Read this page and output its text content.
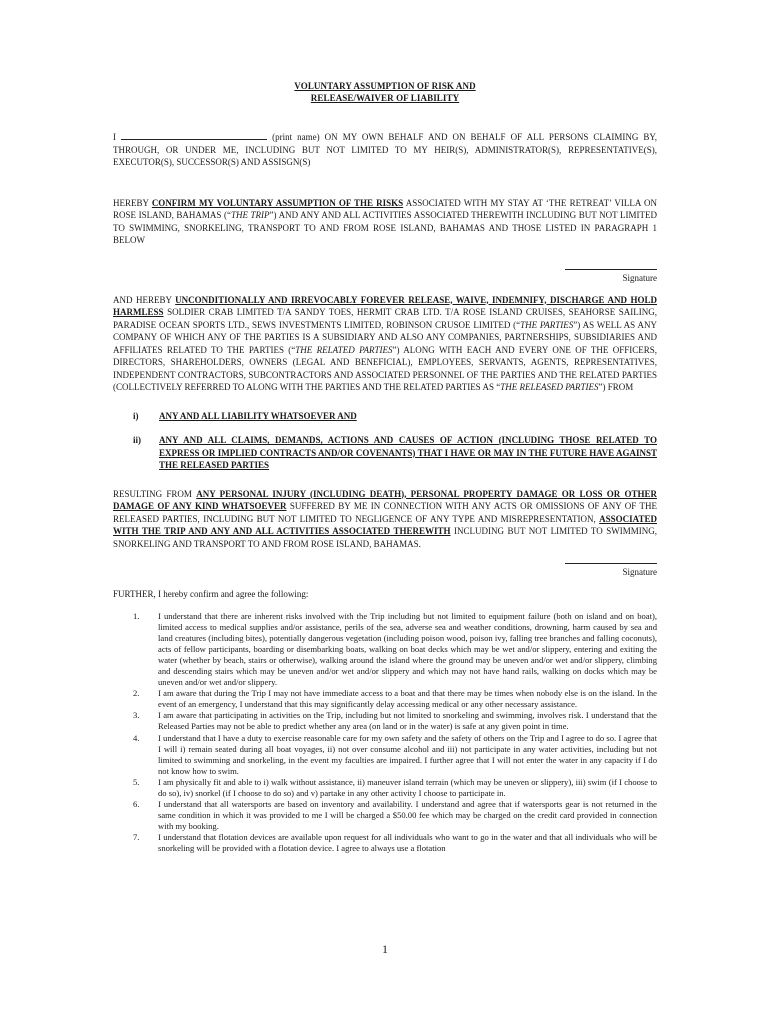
VOLUNTARY ASSUMPTION OF RISK AND
RELEASE/WAIVER OF LIABILITY

I	(print name) ON MY OWN BEHALF AND ON BEHALF OF ALL PERSONS CLAIMING BY, THROUGH, OR UNDER ME, INCLUDING BUT NOT LIMITED TO MY HEIR(S), ADMINISTRATOR(S), REPRESENTATIVE(S), EXECUTOR(S), SUCCESSOR(S) AND ASSISGN(S)

HEREBY CONFIRM MY VOLUNTARY ASSUMPTION OF THE RISKS ASSOCIATED WITH MY STAY AT ‘THE RETREAT’ VILLA ON ROSE ISLAND, BAHAMAS (“THE TRIP”) AND ANY AND ALL ACTIVITIES ASSOCIATED THEREWITH INCLUDING BUT NOT LIMITED TO SWIMMING, SNORKELING, TRANSPORT TO AND FROM ROSE ISLAND, BAHAMAS AND THOSE LISTED IN PARAGRAPH 1 BELOW

Signature

AND HEREBY UNCONDITIONALLY AND IRREVOCABLY FOREVER RELEASE, WAIVE, INDEMNIFY, DISCHARGE AND HOLD HARMLESS SOLDIER CRAB LIMITED T/A SANDY TOES, HERMIT CRAB LTD. T/A ROSE ISLAND CRUISES, SEAHORSE SAILING, PARADISE OCEAN SPORTS LTD., SEWS INVESTMENTS LIMITED, ROBINSON CRUSOE LIMITED (“THE PARTIES”) AS WELL AS ANY COMPANY OF WHICH ANY OF THE PARTIES IS A SUBSIDIARY AND ALSO ANY COMPANIES, PARTNERSHIPS, SUBSIDIARIES AND AFFILIATES RELATED TO THE PARTIES (“THE RELATED PARTIES”) ALONG WITH EACH AND EVERY ONE OF THE OFFICERS, DIRECTORS, SHAREHOLDERS, OWNERS (LEGAL AND BENEFICIAL), EMPLOYEES, SERVANTS, AGENTS, REPRESENTATIVES, INDEPENDENT CONTRACTORS, SUBCONTRACTORS AND ASSOCIATED PERSONNEL OF THE PARTIES AND THE RELATED PARTIES (COLLECTIVELY REFERRED TO ALONG WITH THE PARTIES AND THE RELATED PARTIES AS “THE RELEASED PARTIES”) FROM

i)	ANY AND ALL LIABILITY WHATSOEVER AND
ii)	ANY AND ALL CLAIMS, DEMANDS, ACTIONS AND CAUSES OF ACTION (INCLUDING THOSE RELATED TO EXPRESS OR IMPLIED CONTRACTS AND/OR COVENANTS) THAT I HAVE OR MAY IN THE FUTURE HAVE AGAINST THE RELEASED PARTIES

RESULTING FROM ANY PERSONAL INJURY (INCLUDING DEATH), PERSONAL PROPERTY DAMAGE OR LOSS OR OTHER DAMAGE OF ANY KIND WHATSOEVER SUFFERED BY ME IN CONNECTION WITH ANY ACTS OR OMISSIONS OF ANY OF THE RELEASED PARTIES, INCLUDING BUT NOT LIMITED TO NEGLIGENCE OF ANY TYPE AND MISREPRESENTATION, ASSOCIATED WITH THE TRIP AND ANY AND ALL ACTIVITIES ASSOCIATED THEREWITH INCLUDING BUT NOT LIMITED TO SWIMMING, SNORKELING AND TRANSPORT TO AND FROM ROSE ISLAND, BAHAMAS.

Signature

FURTHER, I hereby confirm and agree the following:

1.	I understand that there are inherent risks involved with the Trip including but not limited to equipment failure (both on island and on boat), limited access to medical supplies and/or assistance, perils of the sea, adverse sea and weather conditions, drowning, harm caused by sea and land creatures (including bites), potentially dangerous vegetation (including poison wood, poison ivy, falling tree branches and falling coconuts), acts of fellow participants, boarding or disembarking boats, walking on boat decks which may be wet and/or slippery, entering and exiting the water (whether by beach, stairs or otherwise), walking around the island where the ground may be uneven and/or wet and/or slippery, climbing and descending stairs which may be uneven and/or wet and/or slippery and which may not have hand rails, walking on docks which may be uneven and/or wet and/or slippery.
2.	I am aware that during the Trip I may not have immediate access to a boat and that there may be times when nobody else is on the island. In the event of an emergency, I understand that this may significantly delay accessing medical or any other necessary assistance.
3.	I am aware that participating in activities on the Trip, including but not limited to snorkeling and swimming, involves risk. I understand that the Released Parties may not be able to predict whether any area (on land or in the water) is safe at any given point in time.
4.	I understand that I have a duty to exercise reasonable care for my own safety and the safety of others on the Trip and I agree to do so. I agree that I will i) remain seated during all boat voyages, ii) not over consume alcohol and iii) not participate in any water activities, including but not limited to swimming and snorkeling, in the event my faculties are impaired. I further agree that I will not enter the water in any capacity if I do not know how to swim.
5.	I am physically fit and able to i) walk without assistance, ii) maneuver island terrain (which may be uneven or slippery), iii) swim (if I choose to do so), iv) snorkel (if I choose to do so) and v) partake in any other activity I choose to participate in.
6.	I understand that all watersports are based on inventory and availability. I understand and agree that if watersports gear is not returned in the same condition in which it was provided to me I will be charged a $50.00 fee which may be charged on the credit card provided in connection with my booking.
7.	I understand that flotation devices are available upon request for all individuals who want to go in the water and that all individuals who will be snorkeling will be provided with a flotation device. I agree to always use a flotation
1
